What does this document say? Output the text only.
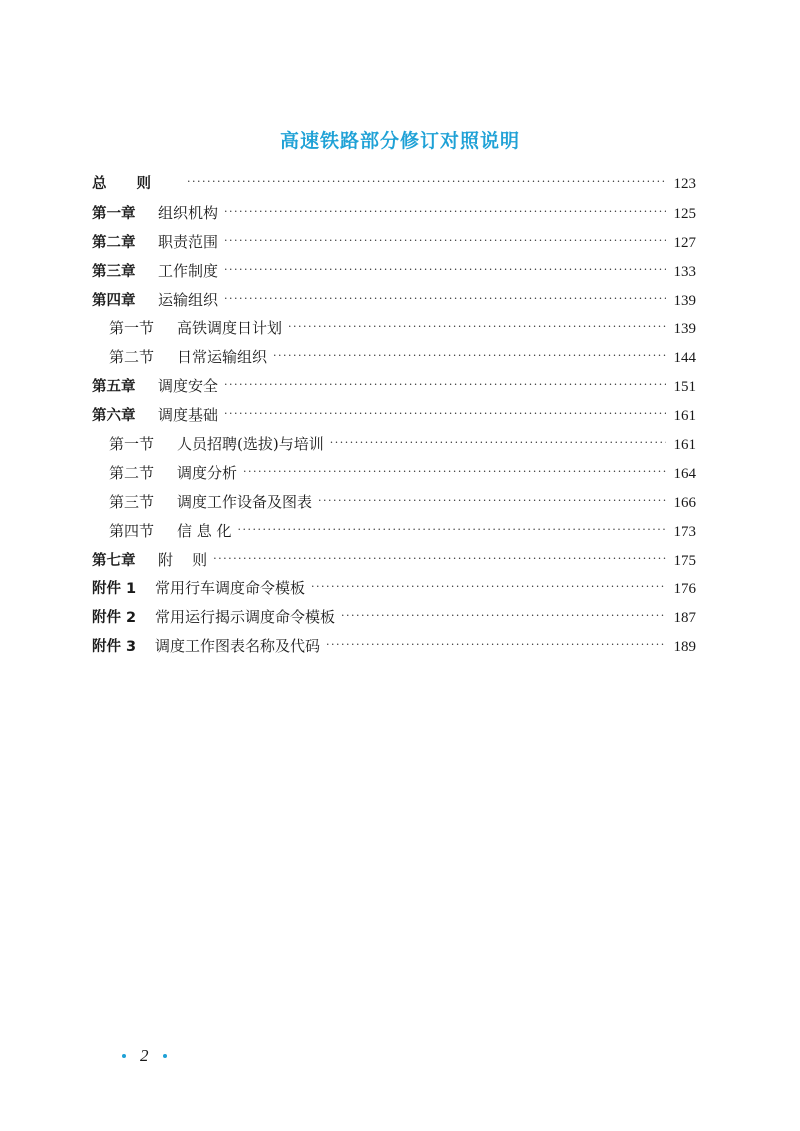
高速铁路部分修订对照说明
总则 ·····	123
第一章	组织机构 ·····	125
第二章	职责范围 ·····	127
第三章	工作制度 ·····	133
第四章	运输组织 ·····	139
第一节	高铁调度日计划 ·····	139
第二节	日常运输组织 ·····	144
第五章	调度安全 ·····	151
第六章	调度基础 ·····	161
第一节	人员招聘(选拔)与培训 ·····	161
第二节	调度分析 ·····	164
第三节	调度工作设备及图表 ·····	166
第四节	信 息 化 ·····	173
第七章	附    则 ·····	175
附件 1	常用行车调度命令模板 ·····	176
附件 2	常用运行揭示调度命令模板 ·····	187
附件 3	调度工作图表名称及代码 ·····	189
2
